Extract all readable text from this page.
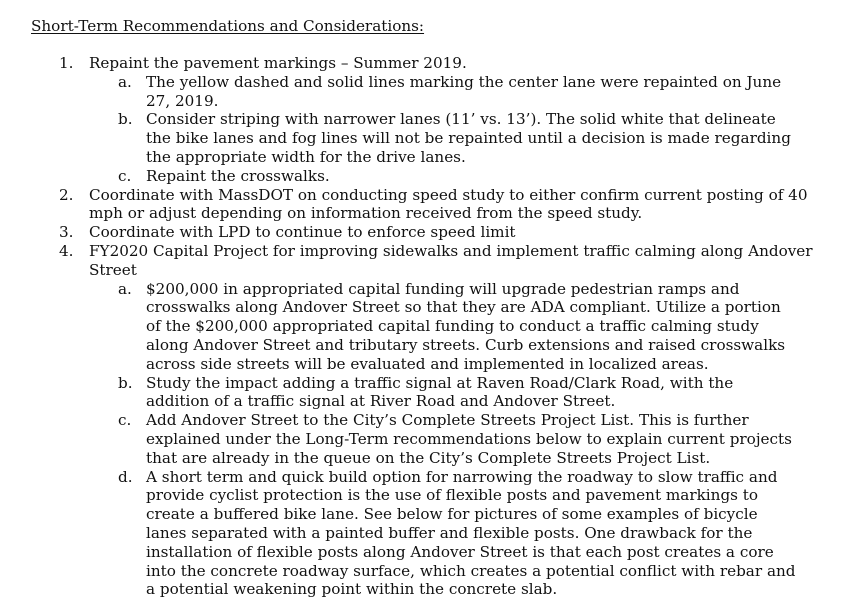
Short-Term Recommendations and Considerations:
1. Repaint the pavement markings – Summer 2019.
a. The yellow dashed and solid lines marking the center lane were repainted on June 27, 2019.
b. Consider striping with narrower lanes (11’ vs. 13’). The solid white that delineate the bike lanes and fog lines will not be repainted until a decision is made regarding the appropriate width for the drive lanes.
c. Repaint the crosswalks.
2. Coordinate with MassDOT on conducting speed study to either confirm current posting of 40 mph or adjust depending on information received from the speed study.
3. Coordinate with LPD to continue to enforce speed limit
4. FY2020 Capital Project for improving sidewalks and implement traffic calming along Andover Street
a. $200,000 in appropriated capital funding will upgrade pedestrian ramps and crosswalks along Andover Street so that they are ADA compliant. Utilize a portion of the $200,000 appropriated capital funding to conduct a traffic calming study along Andover Street and tributary streets. Curb extensions and raised crosswalks across side streets will be evaluated and implemented in localized areas.
b. Study the impact adding a traffic signal at Raven Road/Clark Road, with the addition of a traffic signal at River Road and Andover Street.
c. Add Andover Street to the City’s Complete Streets Project List. This is further explained under the Long-Term recommendations below to explain current projects that are already in the queue on the City’s Complete Streets Project List.
d. A short term and quick build option for narrowing the roadway to slow traffic and provide cyclist protection is the use of flexible posts and pavement markings to create a buffered bike lane. See below for pictures of some examples of bicycle lanes separated with a painted buffer and flexible posts. One drawback for the installation of flexible posts along Andover Street is that each post creates a core into the concrete roadway surface, which creates a potential conflict with rebar and a potential weakening point within the concrete slab.
